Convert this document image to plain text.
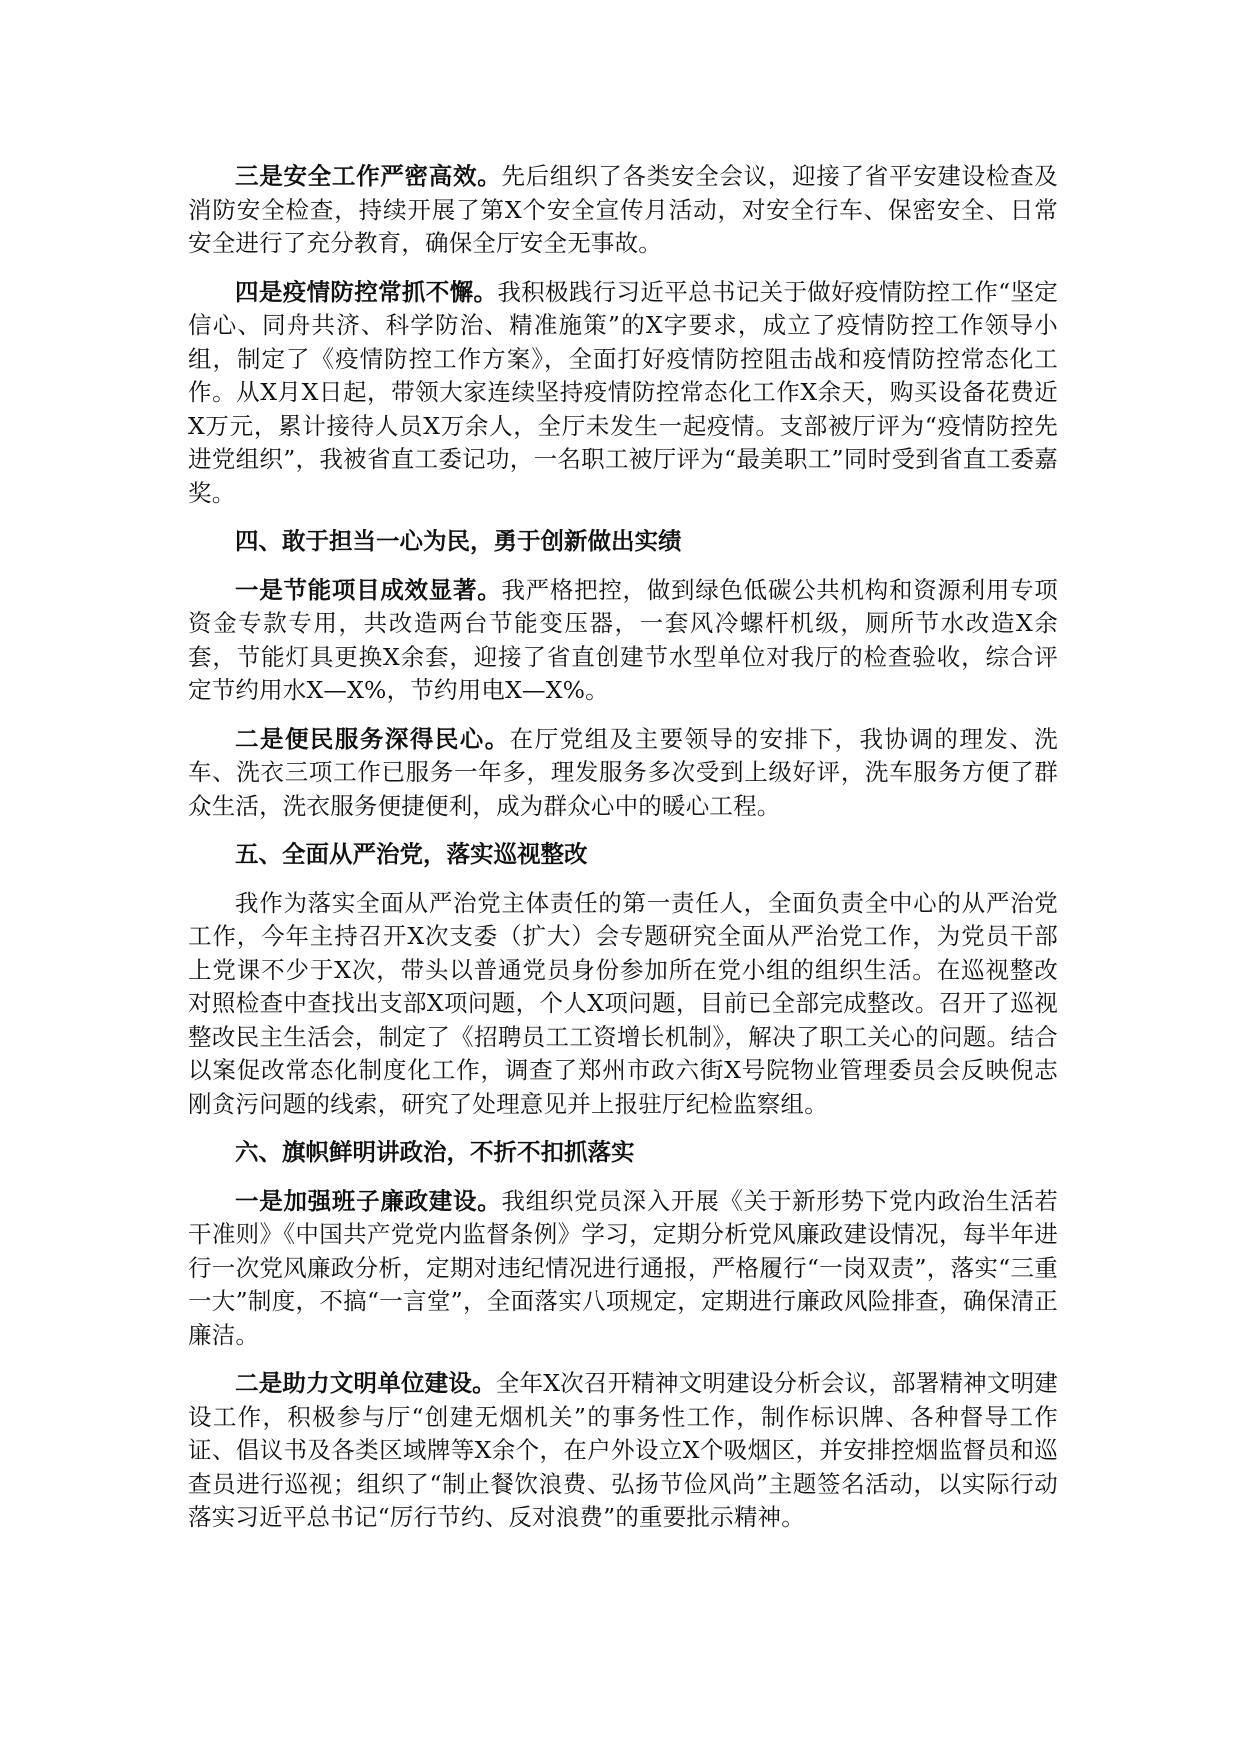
三是安全工作严密高效。先后组织了各类安全会议，迎接了省平安建设检查及消防安全检查，持续开展了第X个安全宣传月活动，对安全行车、保密安全、日常安全进行了充分教育，确保全厅安全无事故。

四是疫情防控常抓不懈。我积极践行习近平总书记关于做好疫情防控工作“坚定信心、同舟共济、科学防治、精准施策”的X字要求，成立了疫情防控工作领导小组，制定了《疫情防控工作方案》，全面打好疫情防控阻击战和疫情防控常态化工作。从X月X日起，带领大家连续坚持疫情防控常态化工作X余天，购买设备花费近X万元，累计接待人员X万余人，全厅未发生一起疫情。支部被厅评为“疫情防控先进党组织”，我被省直工委记功，一名职工被厅评为“最美职工”同时受到省直工委嘉奖。

四、敢于担当一心为民，勇于创新做出实绩

一是节能项目成效显著。我严格把控，做到绿色低碳公共机构和资源利用专项资金专款专用，共改造两台节能变压器，一套风冷螺杆机级，厕所节水改造X余套，节能灯具更换X余套，迎接了省直创建节水型单位对我厅的检查验收，综合评定节约用水X—X%，节约用电X—X%。

二是便民服务深得民心。在厅党组及主要领导的安排下，我协调的理发、洗车、洗衣三项工作已服务一年多，理发服务多次受到上级好评，洗车服务方便了群众生活，洗衣服务便捷便利，成为群众心中的暖心工程。

五、全面从严治党，落实巡视整改

我作为落实全面从严治党主体责任的第一责任人，全面负责全中心的从严治党工作，今年主持召开X次支委（扩大）会专题研究全面从严治党工作，为党员干部上党课不少于X次，带头以普通党员身份参加所在党小组的组织生活。在巡视整改对照检查中查找出支部X项问题，个人X项问题，目前已全部完成整改。召开了巡视整改民主生活会，制定了《招聘员工工资增长机制》，解决了职工关心的问题。结合以案促改常态化制度化工作，调查了郑州市政六街X号院物业管理委员会反映倪志刚贪污问题的线索，研究了处理意见并上报驻厅纪检监察组。

六、旗帜鲜明讲政治，不折不扣抓落实

一是加强班子廉政建设。我组织党员深入开展《关于新形势下党内政治生活若干准则》《中国共产党党内监督条例》学习，定期分析党风廉政建设情况，每半年进行一次党风廉政分析，定期对违纪情况进行通报，严格履行“一岗双责”，落实“三重一大”制度，不搞“一言堂”，全面落实八项规定，定期进行廉政风险排查，确保清正廉洁。

二是助力文明单位建设。全年X次召开精神文明建设分析会议，部署精神文明建设工作，积极参与厅“创建无烟机关”的事务性工作，制作标识牌、各种督导工作证、倡议书及各类区域牌等X余个，在户外设立X个吸烟区，并安排控烟监督员和巡查员进行巡视；组织了“制止餐饮浪费、弘扬节俭风尚”主题签名活动，以实际行动落实习近平总书记“厉行节约、反对浪费”的重要批示精神。
